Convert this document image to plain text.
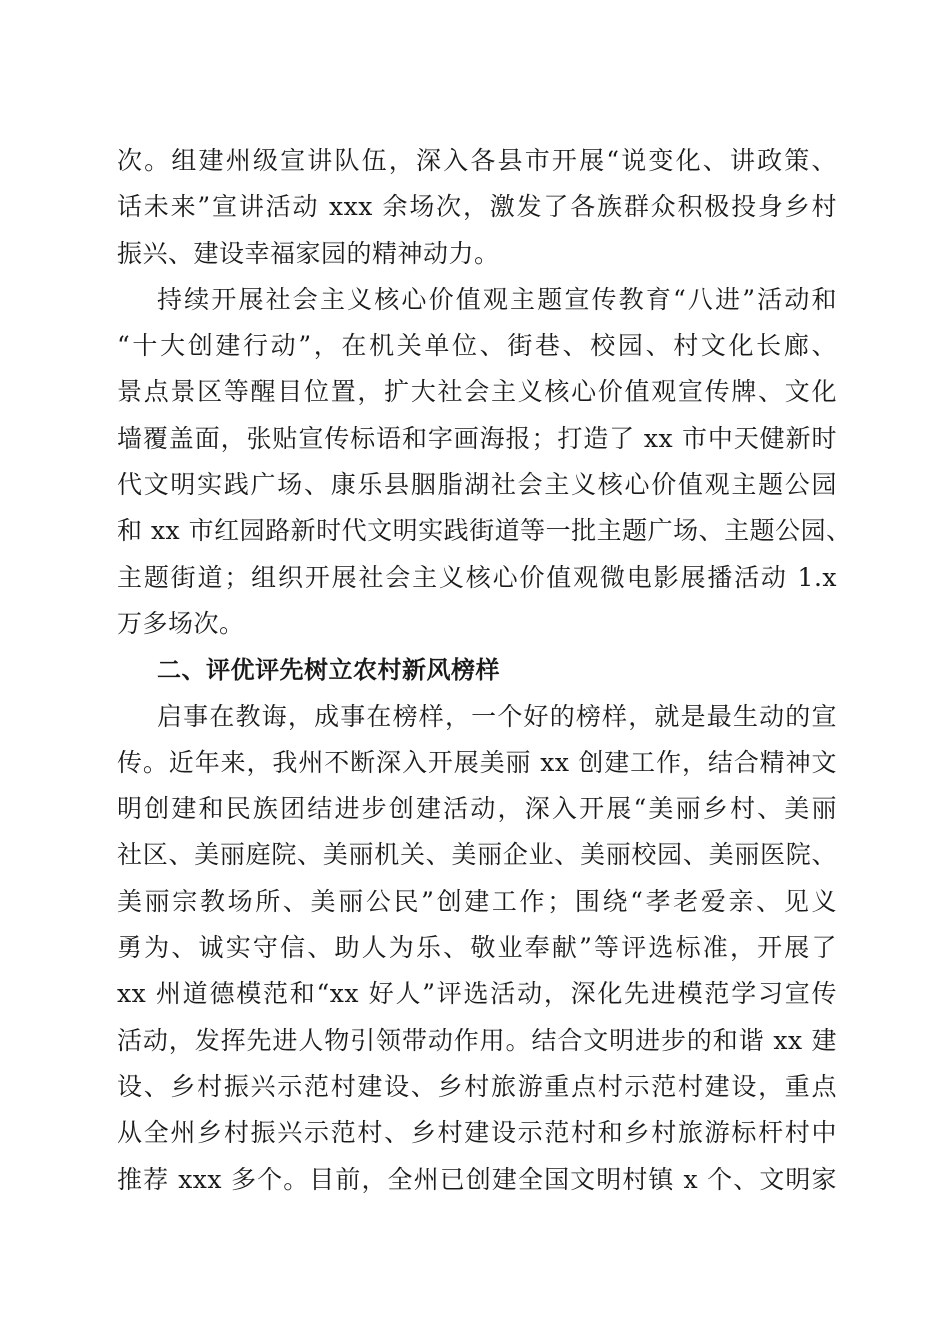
次。组建州级宣讲队伍，深入各县市开展“说变化、讲政策、
话未来”宣讲活动 xxx 余场次，激发了各族群众积极投身乡村
振兴、建设幸福家园的精神动力。
持续开展社会主义核心价值观主题宣传教育“八进”活动和
“十大创建行动”，在机关单位、街巷、校园、村文化长廊、
景点景区等醒目位置，扩大社会主义核心价值观宣传牌、文化
墙覆盖面，张贴宣传标语和字画海报；打造了 xx 市中天健新时
代文明实践广场、康乐县胭脂湖社会主义核心价值观主题公园
和 xx 市红园路新时代文明实践街道等一批主题广场、主题公园、
主题街道；组织开展社会主义核心价值观微电影展播活动 1.x
万多场次。
二、评优评先树立农村新风榜样
启事在教诲，成事在榜样，一个好的榜样，就是最生动的宣
传。近年来，我州不断深入开展美丽 xx 创建工作，结合精神文
明创建和民族团结进步创建活动，深入开展“美丽乡村、美丽
社区、美丽庭院、美丽机关、美丽企业、美丽校园、美丽医院、
美丽宗教场所、美丽公民”创建工作；围绕“孝老爱亲、见义
勇为、诚实守信、助人为乐、敬业奉献”等评选标准，开展了
xx 州道德模范和“xx 好人”评选活动，深化先进模范学习宣传
活动，发挥先进人物引领带动作用。结合文明进步的和谐 xx 建
设、乡村振兴示范村建设、乡村旅游重点村示范村建设，重点
从全州乡村振兴示范村、乡村建设示范村和乡村旅游标杆村中
推荐 xxx 多个。目前，全州已创建全国文明村镇 x 个、文明家
